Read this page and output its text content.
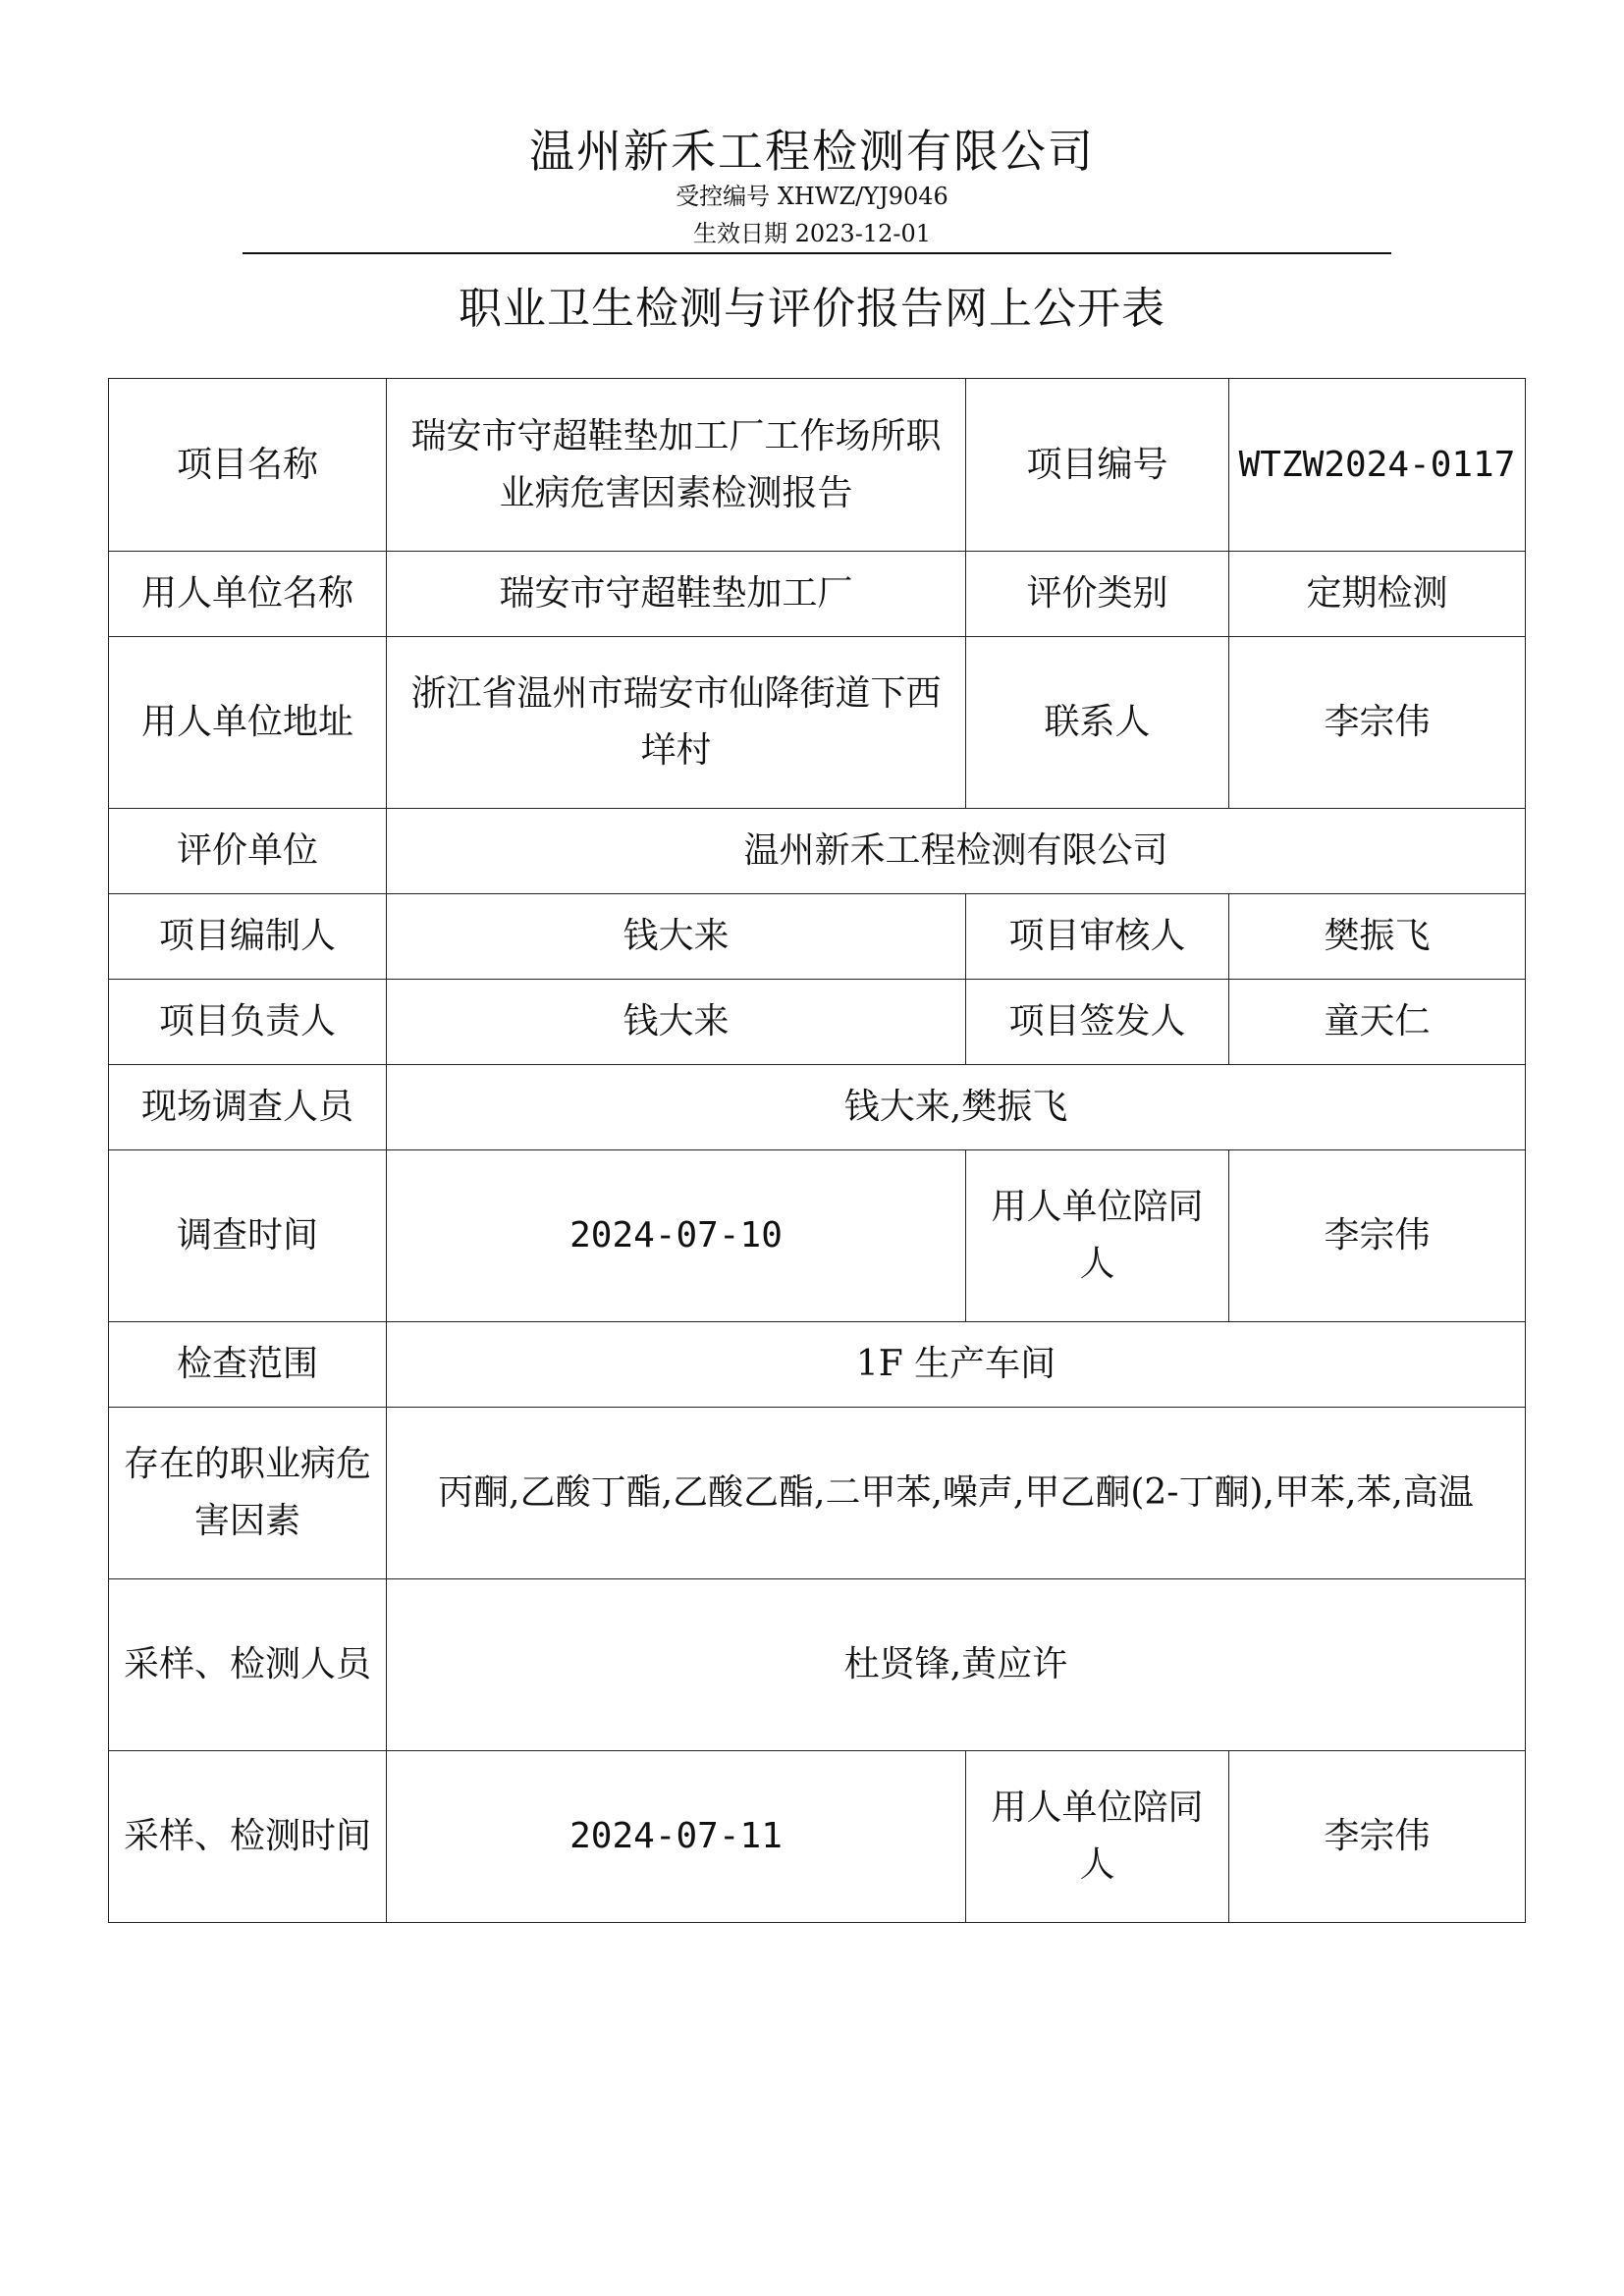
温州新禾工程检测有限公司
受控编号 XHWZ/YJ9046
生效日期 2023-12-01
职业卫生检测与评价报告网上公开表
项目名称	瑞安市守超鞋垫加工厂工作场所职业病危害因素检测报告	项目编号	WTZW2024-0117
用人单位名称	瑞安市守超鞋垫加工厂	评价类别	定期检测
用人单位地址	浙江省温州市瑞安市仙降街道下西垟村	联系人	李宗伟
评价单位	温州新禾工程检测有限公司		
项目编制人	钱大来	项目审核人	樊振飞
项目负责人	钱大来	项目签发人	童天仁
现场调查人员	钱大来,樊振飞		
调查时间	2024-07-10	用人单位陪同人	李宗伟
检查范围	1F 生产车间		
存在的职业病危害因素	丙酮,乙酸丁酯,乙酸乙酯,二甲苯,噪声,甲乙酮(2-丁酮),甲苯,苯,高温		
采样、检测人员	杜贤锋,黄应许		
采样、检测时间	2024-07-11	用人单位陪同人	李宗伟
